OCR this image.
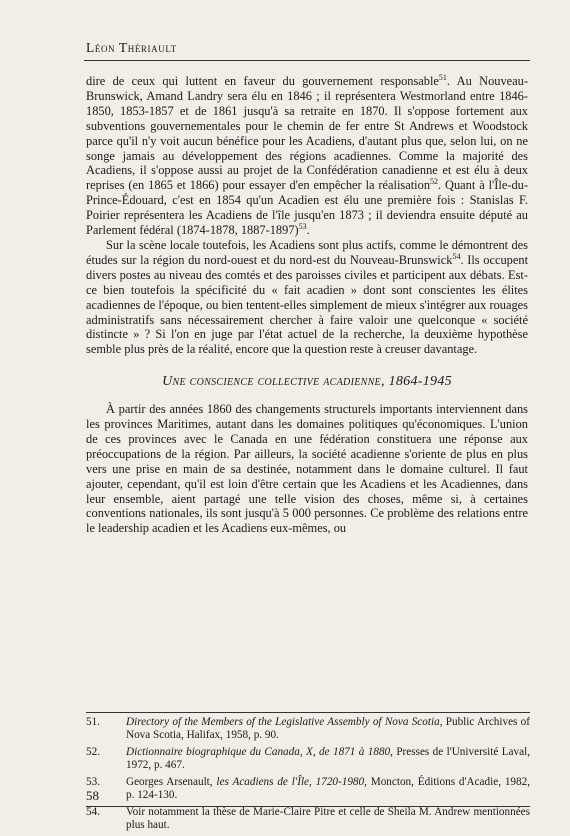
Léon Thériault

dire de ceux qui luttent en faveur du gouvernement responsable$^{51}$. Au Nouveau-Brunswick, Amand Landry sera élu en 1846 ; il représentera Westmorland entre 1846-1850, 1853-1857 et de 1861 jusqu'à sa retraite en 1870. Il s'oppose fortement aux subventions gouvernementales pour le chemin de fer entre St Andrews et Woodstock parce qu'il n'y voit aucun bénéfice pour les Acadiens, d'autant plus que, selon lui, on ne songe jamais au développement des régions acadiennes. Comme la majorité des Acadiens, il s'oppose aussi au projet de la Confédération canadienne et est élu à deux reprises (en 1865 et 1866) pour essayer d'en empêcher la réalisation$^{52}$. Quant à l'Île-du-Prince-Édouard, c'est en 1854 qu'un Acadien est élu une première fois : Stanislas F. Poirier représentera les Acadiens de l'île jusqu'en 1873 ; il deviendra ensuite député au Parlement fédéral (1874-1878, 1887-1897)$^{53}$.

Sur la scène locale toutefois, les Acadiens sont plus actifs, comme le démontrent des études sur la région du nord-ouest et du nord-est du Nouveau-Brunswick$^{54}$. Ils occupent divers postes au niveau des comtés et des paroisses civiles et participent aux débats. Est-ce bien toutefois la spécificité du « fait acadien » dont sont conscientes les élites acadiennes de l'époque, ou bien tentent-elles simplement de mieux s'intégrer aux rouages administratifs sans nécessairement chercher à faire valoir une quelconque « société distincte » ? Si l'on en juge par l'état actuel de la recherche, la deuxième hypothèse semble plus près de la réalité, encore que la question reste à creuser davantage.

Une conscience collective acadienne, 1864-1945

À partir des années 1860 des changements structurels importants interviennent dans les provinces Maritimes, autant dans les domaines politiques qu'économiques. L'union de ces provinces avec le Canada en une fédération constituera une réponse aux préoccupations de la région. Par ailleurs, la société acadienne s'oriente de plus en plus vers une prise en main de sa destinée, notamment dans le domaine culturel. Il faut ajouter, cependant, qu'il est loin d'être certain que les Acadiens et les Acadiennes, dans leur ensemble, aient partagé une telle vision des choses, même si, à certaines conventions nationales, ils sont jusqu'à 5 000 personnes. Ce problème des relations entre le leadership acadien et les Acadiens eux-mêmes, ou

51.	Directory of the Members of the Legislative Assembly of Nova Scotia, Public Archives of Nova Scotia, Halifax, 1958, p. 90.
52.	Dictionnaire biographique du Canada, X, de 1871 à 1880, Presses de l'Université Laval, 1972, p. 467.
53.	Georges Arsenault, les Acadiens de l'Île, 1720-1980, Moncton, Éditions d'Acadie, 1982, p. 124-130.
54.	Voir notamment la thèse de Marie-Claire Pitre et celle de Sheila M. Andrew mentionnées plus haut.
58
